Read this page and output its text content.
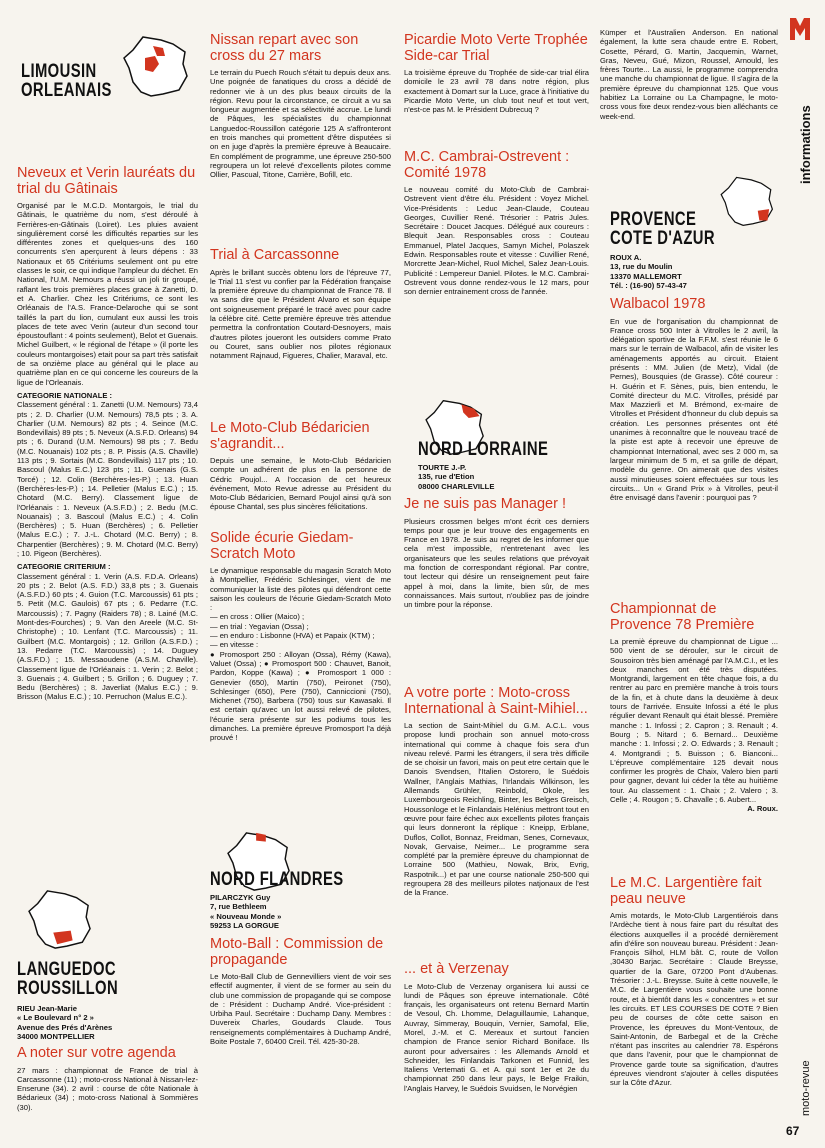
LIMOUSIN
ORLEANAIS
Neveux et Verin lauréats du trial du Gâtinais

Organisé par le M.C.D. Montargois, le trial du Gâtinais, le quatrième du nom, s'est déroulé à Ferrières-en-Gâtinais (Loiret). Les pluies avaient singulièrement corsé les difficultés reparties sur les différentes zones et quelques-uns des 160 concurrents s'en aperçurent à leurs dépens : 33 Nationaux et 65 Critériums seulement ont pu etre classes le soir, ce qui indique l'ampleur du déchet. En National, l'U.M. Nemours a réussi un joli tir groupé, raflant les trois premières places grace à Zanetti, D. et A. Charlier. Chez les Critériums, ce sont les Orléanais de l'A.S. France-Delaroche qui se sont taillés la part du lion, cumulant eux aussi les trois places de tete avec Verin (auteur d'un second tour époustouflant : 4 points seulement), Belot et Guenais. Michel Guilbert, « le régional de l'étape » (il porte les couleurs montargoises) etait pour sa part très satisfait de sa onzième place au général qui le place au quatrième plan en ce qui concerne les coureurs de la ligue de l'Orleanais.

CATEGORIE NATIONALE :

Classement général : 1. Zanetti (U.M. Nemours) 73,4 pts ; 2. D. Charlier (U.M. Nemours) 78,5 pts ; 3. A. Charlier (U.M. Nemours) 82 pts ; 4. Seince (M.C. Bondevillais) 89 pts ; 5. Neveux (A.S.F.D. Orleans) 94 pts ; 6. Durand (U.M. Nemours) 98 pts ; 7. Bedu (M.C. Nouanais) 102 pts ; 8. P. Pissis (A.S. Chaville) 113 pts ; 9. Sortais (M.C. Bondevillais) 117 pts ; 10. Bascoul (Malus E.C.) 123 pts ; 11. Guenais (G.S. Torcé) ; 12. Colin (Berchères-les-P.) ; 13. Huan (Berchères-les-P.) ; 14. Pelletier (Malus E.C.) ; 15. Chotard (M.C. Berry). Classement ligue de l'Orléanais : 1. Neveux (A.S.F.D.) ; 2. Bedu (M.C. Nouanais) ; 3. Bascoul (Malus E.C.) ; 4. Colin (Berchères) ; 5. Huan (Berchères) ; 6. Pelletier (Malus E.C.) ; 7. J.-L. Chotard (M.C. Berry) ; 8. Charpentier (Berchères) ; 9. M. Chotard (M.C. Berry) ; 10. Pigeon (Berchères).

CATEGORIE CRITERIUM :

Classement général : 1. Verin (A.S. F.D.A. Orleans) 20 pts ; 2. Belot (A.S. F.D.) 33,8 pts ; 3. Guenais (A.S.F.D.) 60 pts ; 4. Guion (T.C. Marcoussis) 61 pts ; 5. Petit (M.C. Gaulois) 67 pts ; 6. Pedarre (T.C. Marcoussis) ; 7. Pagny (Raiders 78) ; 8. Lainé (M.C. Mont-des-Fourches) ; 9. Van den Areele (M.C. St-Christophe) ; 10. Lenfant (T.C. Marcoussis) ; 11. Guilbert (M.C. Montargois) ; 12. Grillon (A.S.F.D.) ; 13. Pedarre (T.C. Marcoussis) ; 14. Duguey (A.S.F.D.) ; 15. Messaoudene (A.S.M. Chaville). Classement ligue de l'Orléanais : 1. Verin ; 2. Belot ; 3. Guenais ; 4. Guilbert ; 5. Grillon ; 6. Duguey ; 7. Bedu (Berchères) ; 8. Javerliat (Malus E.C.) ; 9. Brisson (Malus E.C.) ; 10. Perruchon (Malus E.C.).

LANGUEDOC
ROUSSILLON

RIEU Jean-Marie

« Le Boulevard n° 2 »

Avenue des Prés d'Arènes

34000 MONTPELLIER

A noter sur votre agenda

27 mars : championnat de France de trial à Carcassonne (11) ; moto-cross National à Nissan-lez-Enserune (34). 2 avril : course de côte Nationale à Bédarieux (34) ; moto-cross National à Sommières (30).

Nissan repart avec son cross du 27 mars

Le terrain du Puech Rouch s'était tu depuis deux ans. Une poignée de fanatiques du cross a décidé de redonner vie à un des plus beaux circuits de la région. Revu pour la circonstance, ce circuit a vu sa longueur augmentée et sa sélectivité accrue. Le lundi de Pâques, les spécialistes du championnat Languedoc-Roussillon catégorie 125 A s'affronteront en trois manches qui promettent d'être disputées si on en juge d'après la première épreuve à Beaucaire. En complément de programme, une épreuve 250-500 regroupera un lot relevé d'excellents pilotes comme Ollier, Pascual, Titone, Carrière, Bofill, etc.

Trial à Carcassonne

Après le brillant succès obtenu lors de l'épreuve 77, le Trial 11 s'est vu confier par la Fédération française la première épreuve du championnat de France 78. Il va sans dire que le Président Alvaro et son équipe ont soigneusement préparé le tracé avec pour cadre la célèbre cité. Cette première épreuve très attendue permettra la confrontation Coutard-Desnoyers, mais d'autres pilotes joueront les outsiders comme Prato ou Couret, sans oublier nos pilotes régionaux notamment Rajnaud, Figueres, Chalier, Maraval, etc.

Le Moto-Club Bédaricien s'agrandit...

Depuis une semaine, le Moto-Club Bédaricien compte un adhérent de plus en la personne de Cédric Poujol... A l'occasion de cet heureux événement, Moto Revue adresse au Président du Moto-Club Bédaricien, Bernard Poujol ainsi qu'à son épouse Chantal, ses plus sincères félicitations.

Solide écurie Giedam-Scratch Moto

Le dynamique responsable du magasin Scratch Moto à Montpellier, Frédéric Schlesinger, vient de me communiquer la liste des pilotes qui défendront cette saison les couleurs de l'écurie Giedam-Scratch Moto :

— en cross : Ollier (Maico) ;

— en trial : Yegavian (Ossa) ;

— en enduro : Lisbonne (HVA) et Papaix (KTM) ;

— en vitesse :

● Promosport 250 : Alloyan (Ossa), Rémy (Kawa), Valuet (Ossa) ; ● Promosport 500 : Chauvet, Banoit, Pardon, Koppe (Kawa) ; ● Promosport 1 000 : Genevier (650), Martin (750), Peironet (750), Schlesinger (650), Pere (750), Canniccioni (750), Michenet (750), Barbera (750) tous sur Kawasaki. Il est certain qu'avec un lot aussi relevé de pilotes, l'écurie sera présente sur les podiums tous les dimanches. La première épreuve Promosport l'a déjà prouvé !

NORD FLANDRES

PILARCZYK Guy

7, rue Bethleem

« Nouveau Monde »

59253 LA GORGUE

Moto-Ball : Commission de propagande

Le Moto-Ball Club de Gennevilliers vient de voir ses effectif augmenter, il vient de se former au sein du club une commission de propagande qui se compose de : Président : Duchamp André. Vice-président : Urbiha Paul. Secrétaire : Duchamp Dany. Membres : Duvereix Charles, Goudards Claude. Tous renseignements complémentaires à Duchamp André, Boite Postale 7, 60400 Creil. Tél. 425-30-28.

Picardie Moto Verte Trophée Side-car Trial

La troisième épreuve du Trophée de side-car trial élira domicile le 23 avril 78 dans notre région, plus exactement à Domart sur la Luce, grace à l'initiative du Picardie Moto Verte, un club tout neuf et tout vert, n'est-ce pas M. le Président Dubrecuq ?

M.C. Cambrai-Ostrevent : Comité 1978

Le nouveau comité du Moto-Club de Cambrai-Ostrevent vient d'être élu. Président : Voyez Michel. Vice-Présidents : Leduc Jean-Claude, Couteau Georges, Cuvillier René. Trésorier : Patris Jules. Secrétaire : Doucet Jacques. Délégué aux coureurs : Blequit Jean. Responsables cross : Couteau Emmanuel, Platel Jacques, Samyn Michel, Polaszek Edwin. Responsables route et vitesse : Cuvillier René, Morcrette Jean-Michel, Ruol Michel, Salez Jean-Louis. Publicité : Lempereur Daniel. Pilotes. le M.C. Cambrai-Ostrevent vous donne rendez-vous le 12 mars, pour son dernier entrainement cross de l'année.

NORD LORRAINE

TOURTE J.-P.

135, rue d'Etion

08000 CHARLEVILLE

Je ne suis pas Manager !

Plusieurs crossmen belges m'ont écrit ces derniers temps pour que je leur trouve des engagements en France en 1978. Je suis au regret de les informer que cela m'est impossible, n'entretenant avec les organisateurs que les seules relations que prévoyait ma fonction de correspondant régional. Par contre, tout lecteur qui désire un renseignement peut faire appel à moi, dans la limite, bien sûr, de mes connaissances. Mais surtout, n'oubliez pas de joindre un timbre pour la réponse.

A votre porte : Moto-cross International à Saint-Mihiel...

La section de Saint-Mihiel du G.M. A.C.L. vous propose lundi prochain son annuel moto-cross international qui comme à chaque fois sera d'un niveau relevé. Parmi les étrangers, il sera très difficile de se choisir un favori, mais on peut etre certain que le Danois Svendsen, l'Italien Ostorero, le Suédois Wallner, l'Anglais Mathias, l'Irlandais Wilkinson, les Allemands Grühler, Reinbold, Okole, les Luxembourgeois Reichling, Binter, les Belges Greisch, Houssonloge et le Finlandais Helénius mettront tout en œuvre pour faire échec aux excellents pilotes français qui leurs donneront la réplique : Kneipp, Erblane, Duflos, Collot, Bonnaz, Freidman, Senes, Cornevaux, Novak, Gervaise, Neimer... Le programme sera complété par la première épreuve du championnat de Lorraine 500 (Mathieu, Nowak, Brix, Evrig, Raspotnik...) et par une course nationale 250-500 qui regroupera 28 des meilleurs pilotes natjonaux de l'est de la France.

... et à Verzenay

Le Moto-Club de Verzenay organisera lui aussi ce lundi de Pâques son épreuve internationale. Côté français, les organisateurs ont retenu Bernard Martin de Vesoul, Ch. Lhomme, Delaguillaumie, Lahanque, Auvray, Simmeray, Bouquin, Vernier, Samofal, Elie, Morel, J.-M. et C. Mereaux et surtout l'ancien champion de France senior Richard Boniface. Ils auront pour adversaires : les Allemands Arnold et Schneider, les Finlandais Tarkonen et Funnid, les Italiens Vertemati G. et A. qui sont 1er et 2e du championnat 250 dans leur pays, le Belge Fraikin, l'Anglais Harvey, le Suédois Svuidsen, le Norvégien

Kümper et l'Australien Anderson. En national également, la lutte sera chaude entre E. Robert, Cosette, Pérard, G. Martin, Jacquemin, Warnet, Gras, Neveu, Gué, Mizon, Roussel, Arnould, les frères Tourte... La aussi, le programme comprendra une manche du championnat de ligue. Il s'agira de la première épreuve du championnat 125. Que vous habitiez La Lorraine ou La Champagne, le moto-cross vous fixe deux rendez-vous bien alléchants ce week-end.

PROVENCE
COTE D'AZUR

ROUX A.

13, rue du Moulin

13370 MALLEMORT

Tél. : (16-90) 57-43-47

Walbacol 1978

En vue de l'organisation du championnat de France cross 500 Inter à Vitrolles le 2 avril, la délégation sportive de la F.F.M. s'est réunie le 6 mars sur le terrain de Walbacol, afin de visiter les aménagements apportés au circuit. Etaient présents : MM. Julien (de Metz), Vidal (de Pernes), Bousquies (de Grasse). Côté coureur : H. Guérin et F. Sènes, puis, bien entendu, le Comité directeur du M.C. Vitrolles, présidé par Max Mazzierli et M. Brémond, ex-maire de Vitrolles et Président d'honneur du club depuis sa création. Les personnes présentes ont été unanimes à reconnaître que le nouveau tracé de la piste est apte à recevoir une épreuve de championnat International, avec ses 2 000 m, sa largeur minimum de 5 m, et sa grille de départ, modèle du genre. On aimerait que des visites aussi minutieuses soient effectuées sur tous les circuits... Un « Grand Prix » à Vitrolles, peut-il être envisagé dans l'avenir : pourquoi pas ?

Championnat de Provence 78 Première

La premiè épreuve du championnat de Ligue ... 500 vient de se dérouler, sur le circuit de Sousoiron très bien aménagé par l'A.M.C.I., et les deux manches ont été très disputées. Montgrandi, largement en tête chaque fois, a du rentrer au parc en première manche à trois tours de la fin, et à chute dans la deuxième à deux tours de l'arrivée. Ensuite Infossi a été le plus régulier devant Renault qui était blessé. Première manche : 1. Infossi ; 2. Capron ; 3. Renault ; 4. Bourg ; 5. Nitard ; 6. Bernard... Deuxième manche : 1. Infossi ; 2. O. Edwards ; 3. Renault ; 4. Montgrandi ; 5. Buisson ; 6. Bianconi... L'épreuve complémentaire 125 devait nous confirmer les progrès de Chaix, Valero bien parti pour gagner, devant lui céder la tête au huitième tour. Au classement : 1. Chaix ; 2. Valero ; 3. Celle ; 4. Rougon ; 5. Chavalle ; 6. Aubert...

A. Roux.

Le M.C. Largentière fait peau neuve

Amis motards, le Moto-Club Largentiérois dans l'Ardèche tient à nous faire part du résultat des élections auxquelles il a procédé dernièrement afin d'élire son nouveau bureau. Président : Jean-François Silhol, HLM bât. C, route de Vollon ,30430 Barjac. Secrétaire : Claude Breysse, quartier de la Gare, 07200 Pont d'Aubenas. Trésorier : J.-L. Breysse. Suite à cette nouvelle, le M.C. de Largentière vous souhaite une bonne route, et à bientôt dans les « concentres » et sur les circuits. ET LES COURSES DE COTE ? Bien peu de courses de côte cette saison en Provence, les épreuves du Mont-Ventoux, de Saint-Antonin, de Barbegal et de la Crèche n'étant pas inscrites au calendrier 78. Espérons que dans l'avenir, pour que le championnat de Provence garde toute sa signification, d'autres épreuves viendront s'ajouter à celles disputées sur la Côte d'Azur.

informations
moto-revue
67
